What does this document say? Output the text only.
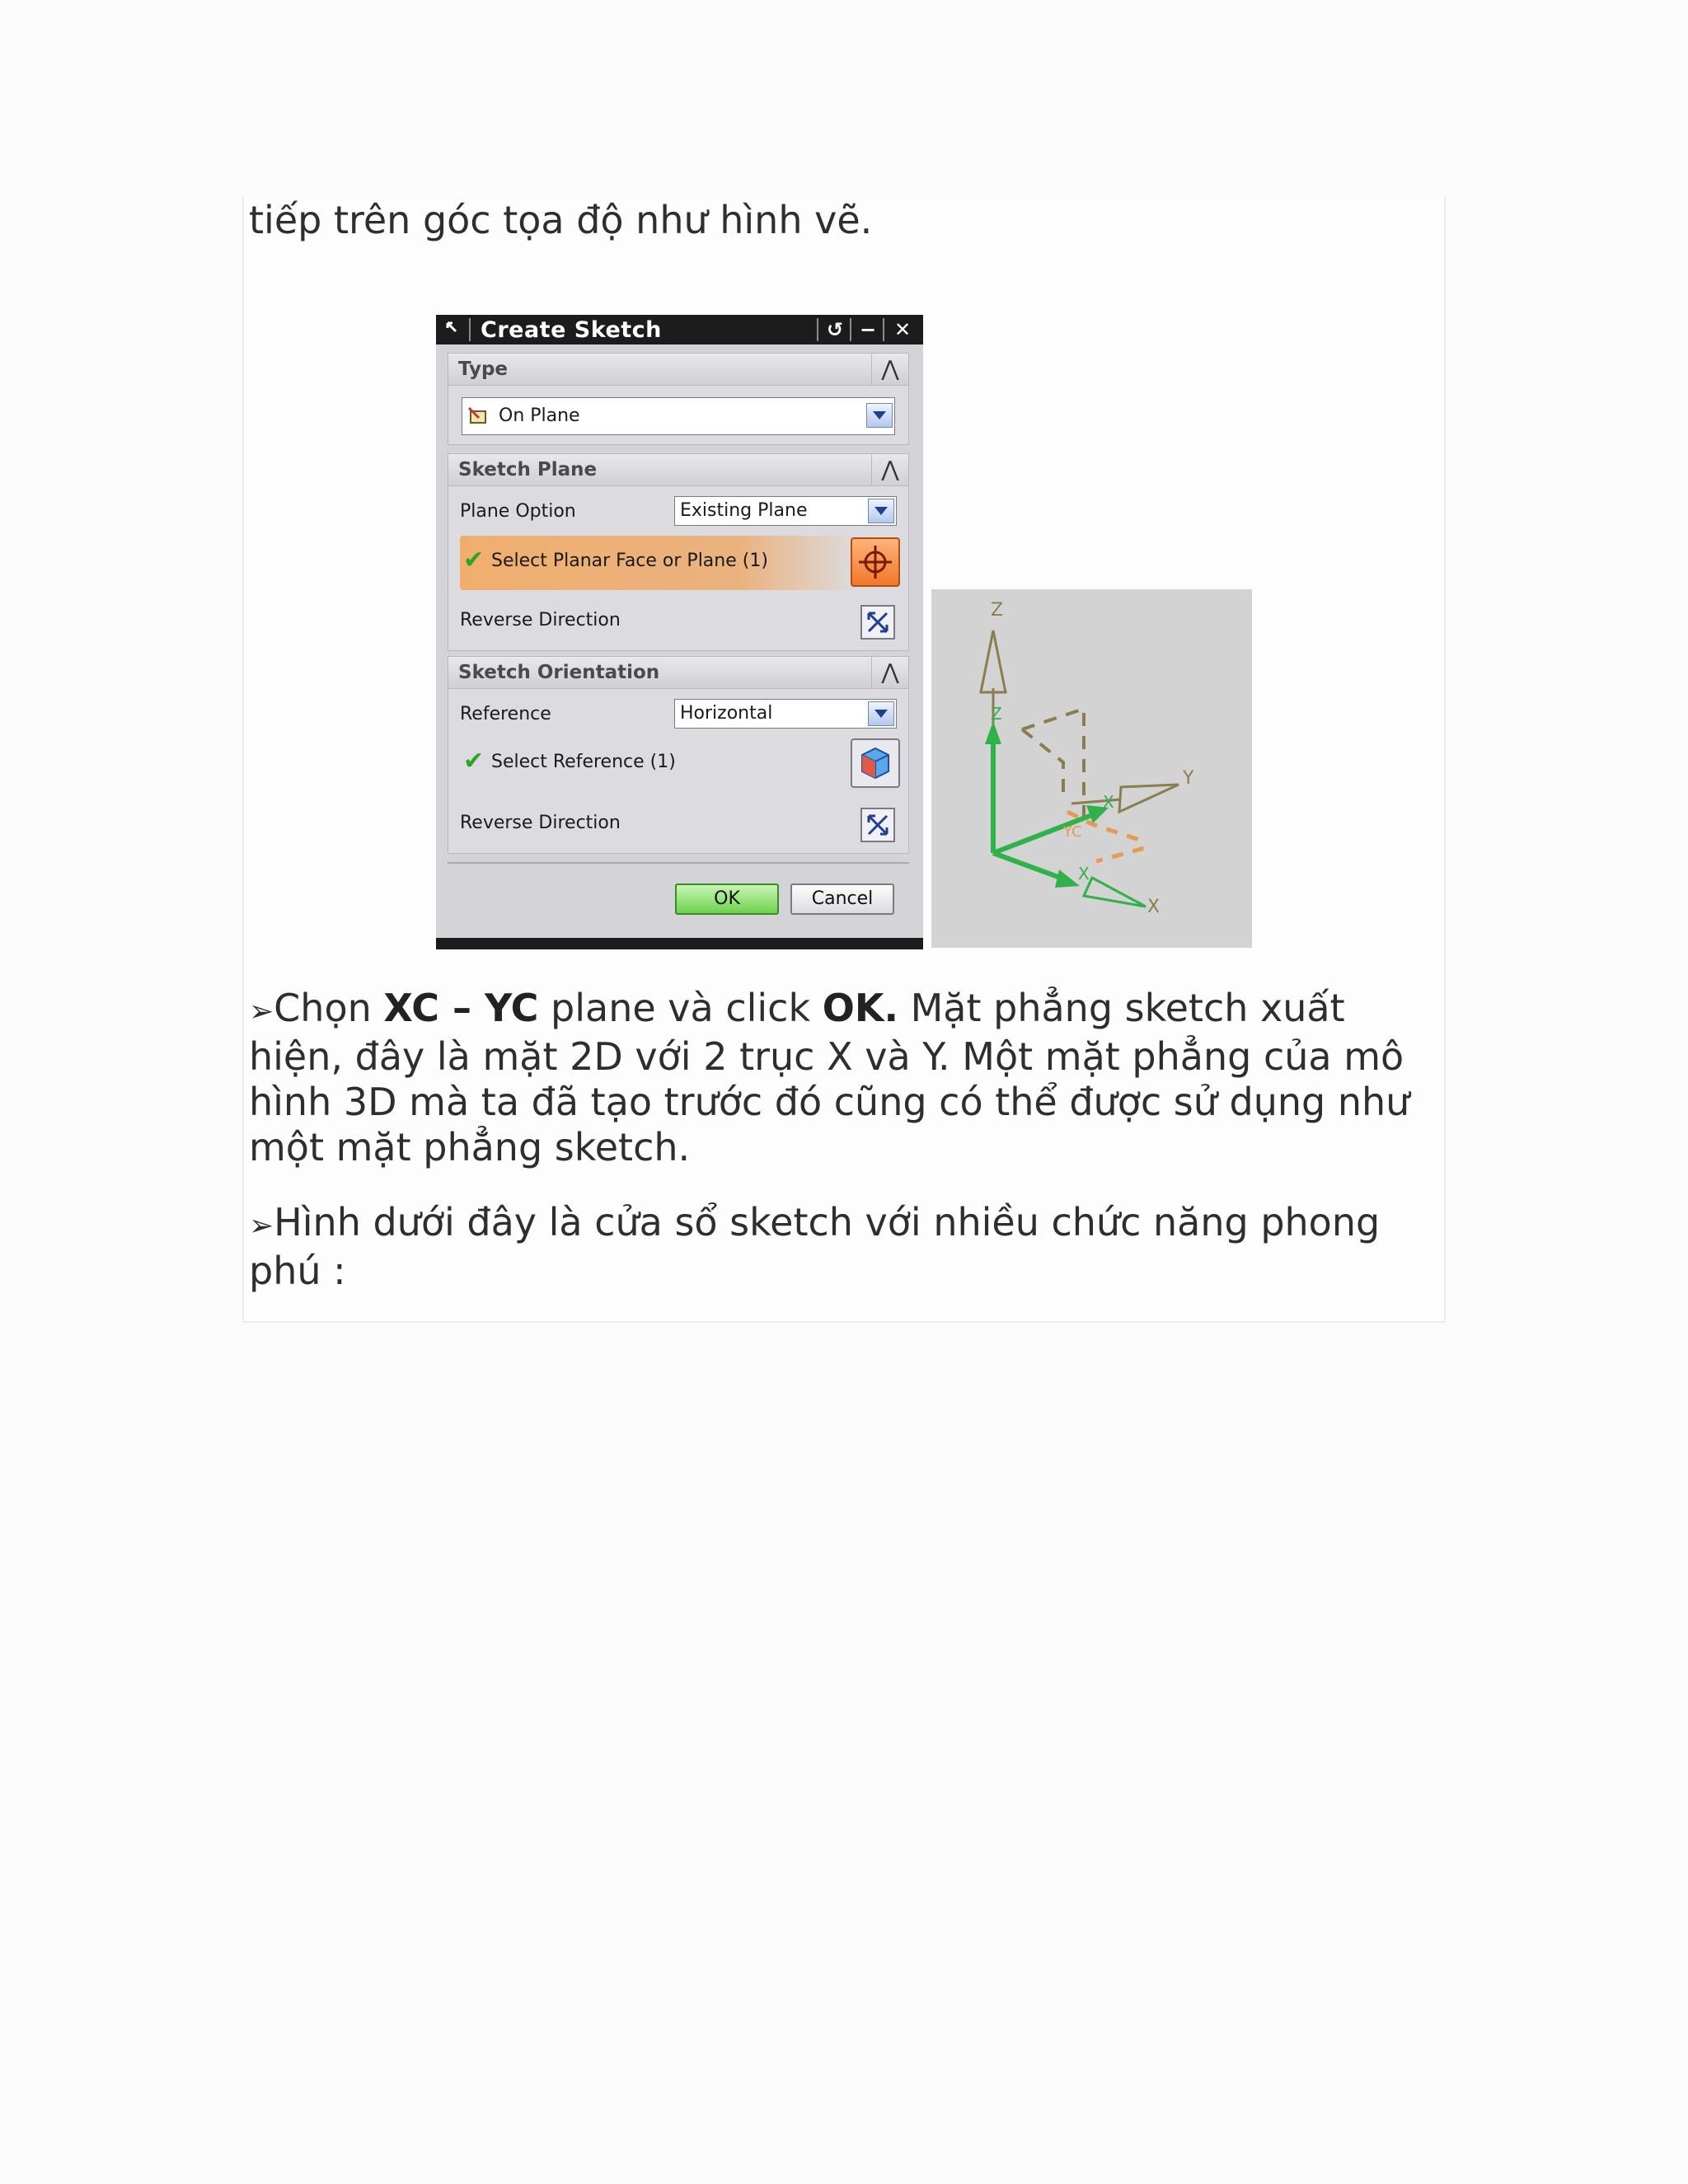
tiếp trên góc tọa độ như hình vẽ.

Create Sketch	↺ − ✕
Type	⋀
On Plane
Sketch Plane	⋀
Plane Option	Existing Plane
✔ Select Planar Face or Plane (1)
Reverse Direction
Sketch Orientation	⋀
Reference	Horizontal
✔ Select Reference (1)
Reverse Direction
OK	Cancel
Z
Y
X
Z
YC
X
X
➢Chọn XC – YC plane và click OK. Mặt phẳng sketch xuất
hiện, đây là mặt 2D với 2 trục X và Y. Một mặt phẳng của mô
hình 3D mà ta đã tạo trước đó cũng có thể được sử dụng như
một mặt phẳng sketch.
➢Hình dưới đây là cửa sổ sketch với nhiều chức năng phong
phú :
